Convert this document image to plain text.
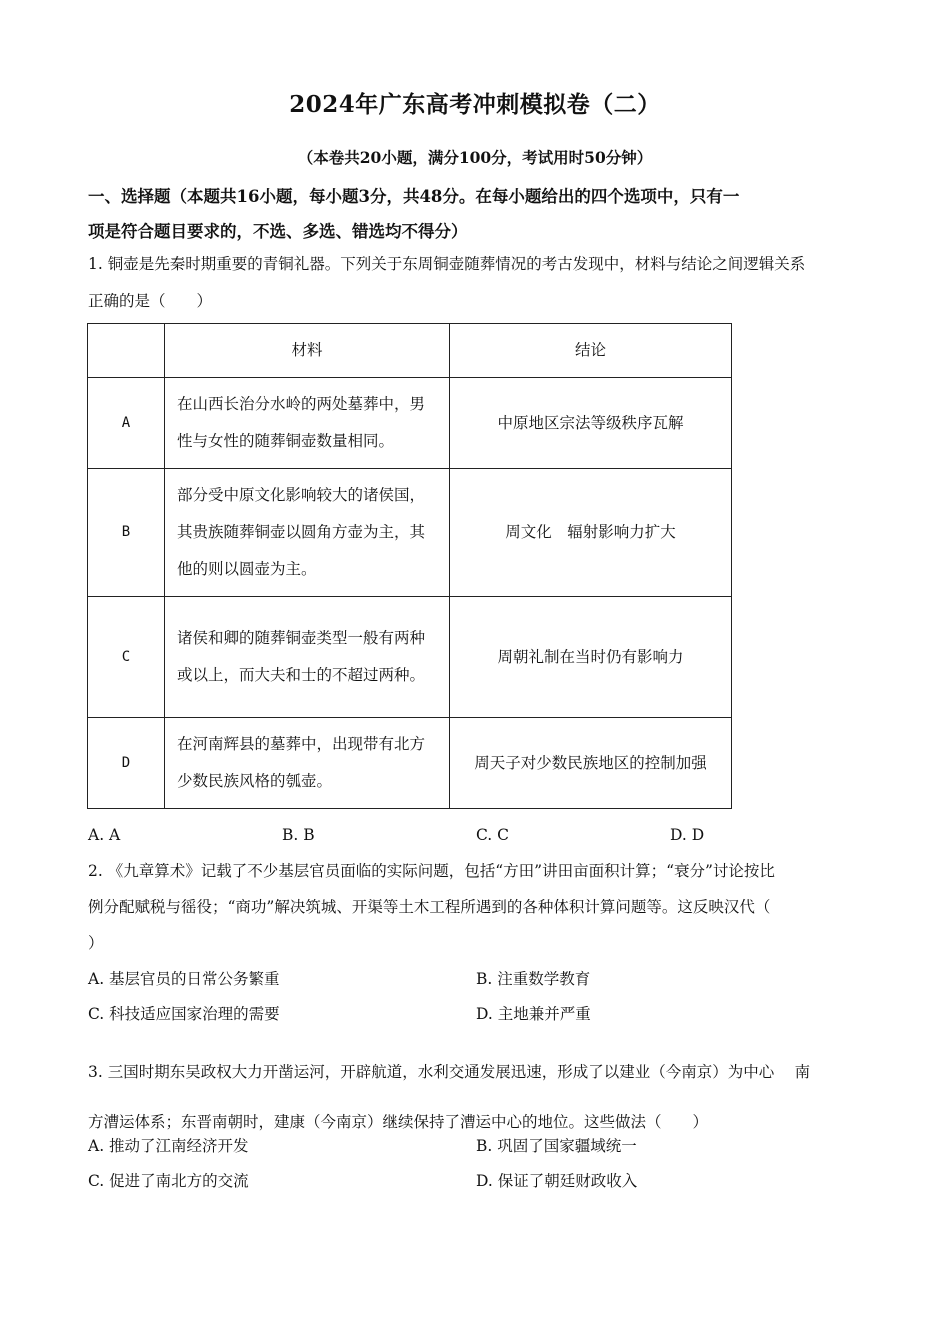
2024年广东高考冲刺模拟卷（二）
（本卷共20小题，满分100分，考试用时50分钟）
一、选择题（本题共16小题，每小题3分，共48分。在每小题给出的四个选项中，只有一
项是符合题目要求的，不选、多选、错选均不得分）
1. 铜壶是先秦时期重要的青铜礼器。下列关于东周铜壶随葬情况的考古发现中，材料与结论之间逻辑关系
正确的是（　　）
	材料	结论
A	在山西长治分水岭的两处墓葬中，男性与女性的随葬铜壶数量相同。	中原地区宗法等级秩序瓦解
B	部分受中原文化影响较大的诸侯国，其贵族随葬铜壶以圆角方壶为主，其他的则以圆壶为主。	周文化　辐射影响力扩大
C	诸侯和卿的随葬铜壶类型一般有两种或以上，而大夫和士的不超过两种。	周朝礼制在当时仍有影响力
D	在河南辉县的墓葬中，出现带有北方少数民族风格的瓠壶。	周天子对少数民族地区的控制加强
A. A	B. B	C. C	D. D
2. 《九章算术》记载了不少基层官员面临的实际问题，包括“方田”讲田亩面积计算；“衰分”讨论按比
例分配赋税与徭役；“商功”解决筑城、开渠等土木工程所遇到的各种体积计算问题等。这反映汉代（
）
A. 基层官员的日常公务繁重	B. 注重数学教育
C. 科技适应国家治理的需要	D. 主地兼并严重
3. 三国时期东吴政权大力开凿运河，开辟航道，水利交通发展迅速，形成了以建业（今南京）为中心　 南
方漕运体系；东晋南朝时，建康（今南京）继续保持了漕运中心的地位。这些做法（　　）
A. 推动了江南经济开发	B. 巩固了国家疆域统一
C. 促进了南北方的交流	D. 保证了朝廷财政收入
